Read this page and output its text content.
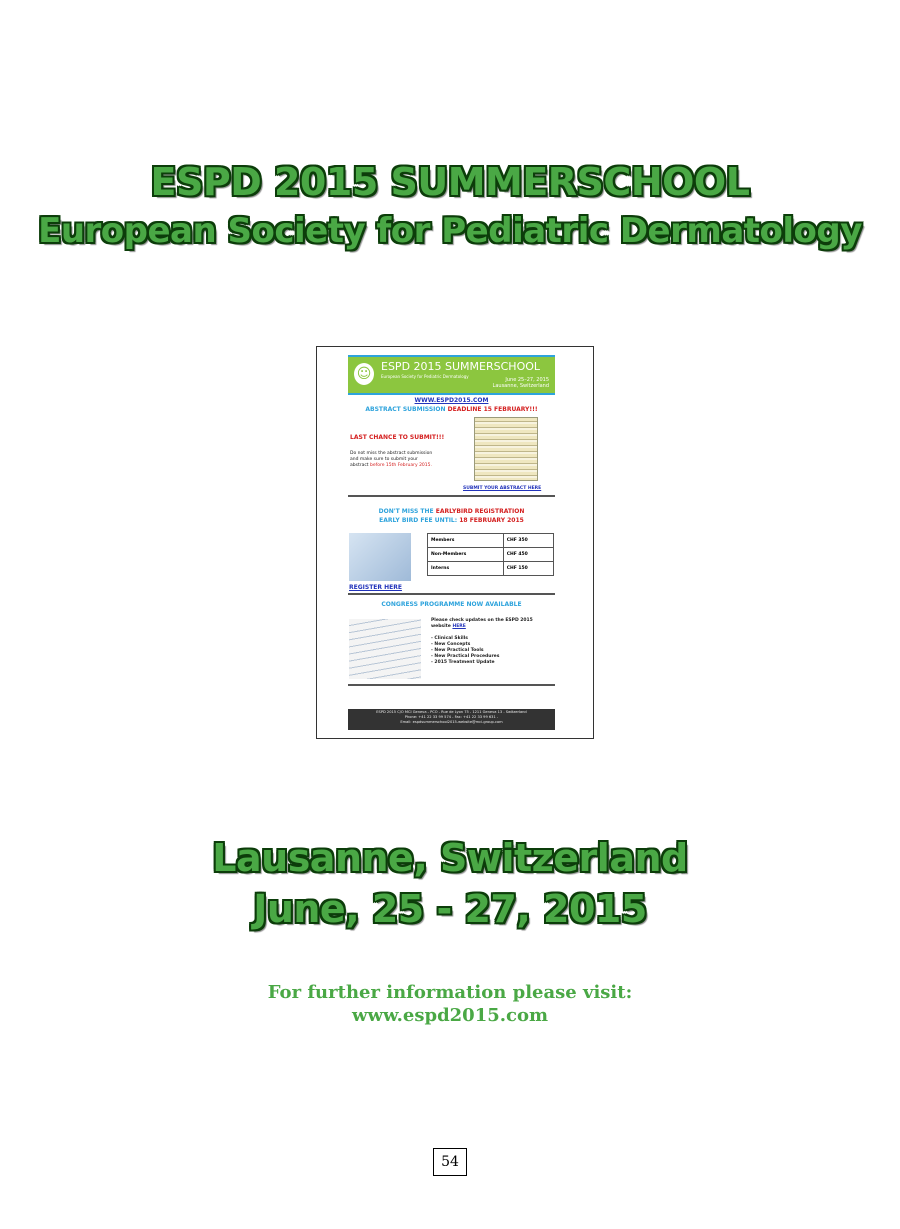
ESPD 2015 SUMMERSCHOOL
European Society for Pediatric Dermatology
☺ ESPD 2015 SUMMERSCHOOL
European Society for Pediatric Dermatology
June 25–27, 2015
Lausanne, Switzerland
WWW.ESPD2015.COM
ABSTRACT SUBMISSION DEADLINE 15 FEBRUARY!!!
LAST CHANCE TO SUBMIT!!!
Do not miss the abstract submission
and make sure to submit your
abstract before 15th February 2015.
SUBMIT YOUR ABSTRACT HERE
DON'T MISS THE EARLYBIRD REGISTRATION
EARLY BIRD FEE UNTIL: 18 FEBRUARY 2015
Members	CHF 350
Non-Members	CHF 450
Interns	CHF 150
REGISTER HERE
CONGRESS PROGRAMME NOW AVAILABLE
Please check updates on the ESPD 2015
website HERE
- Clinical Skills
- New Concepts
- New Practical Tools
- New Practical Procedures
- 2015 Treatment Update
ESPD 2015 C/O MCI Geneva - PCO - Rue de Lyon 75 - 1211 Geneva 13 - Switzerland
Phone: +41 22 33 99 574 - Fax: +41 22 33 99 631 -
Email: espdsummerschool2015-website@mci-group.com
Lausanne, Switzerland
June, 25 - 27, 2015
For further information please visit:
www.espd2015.com
54
